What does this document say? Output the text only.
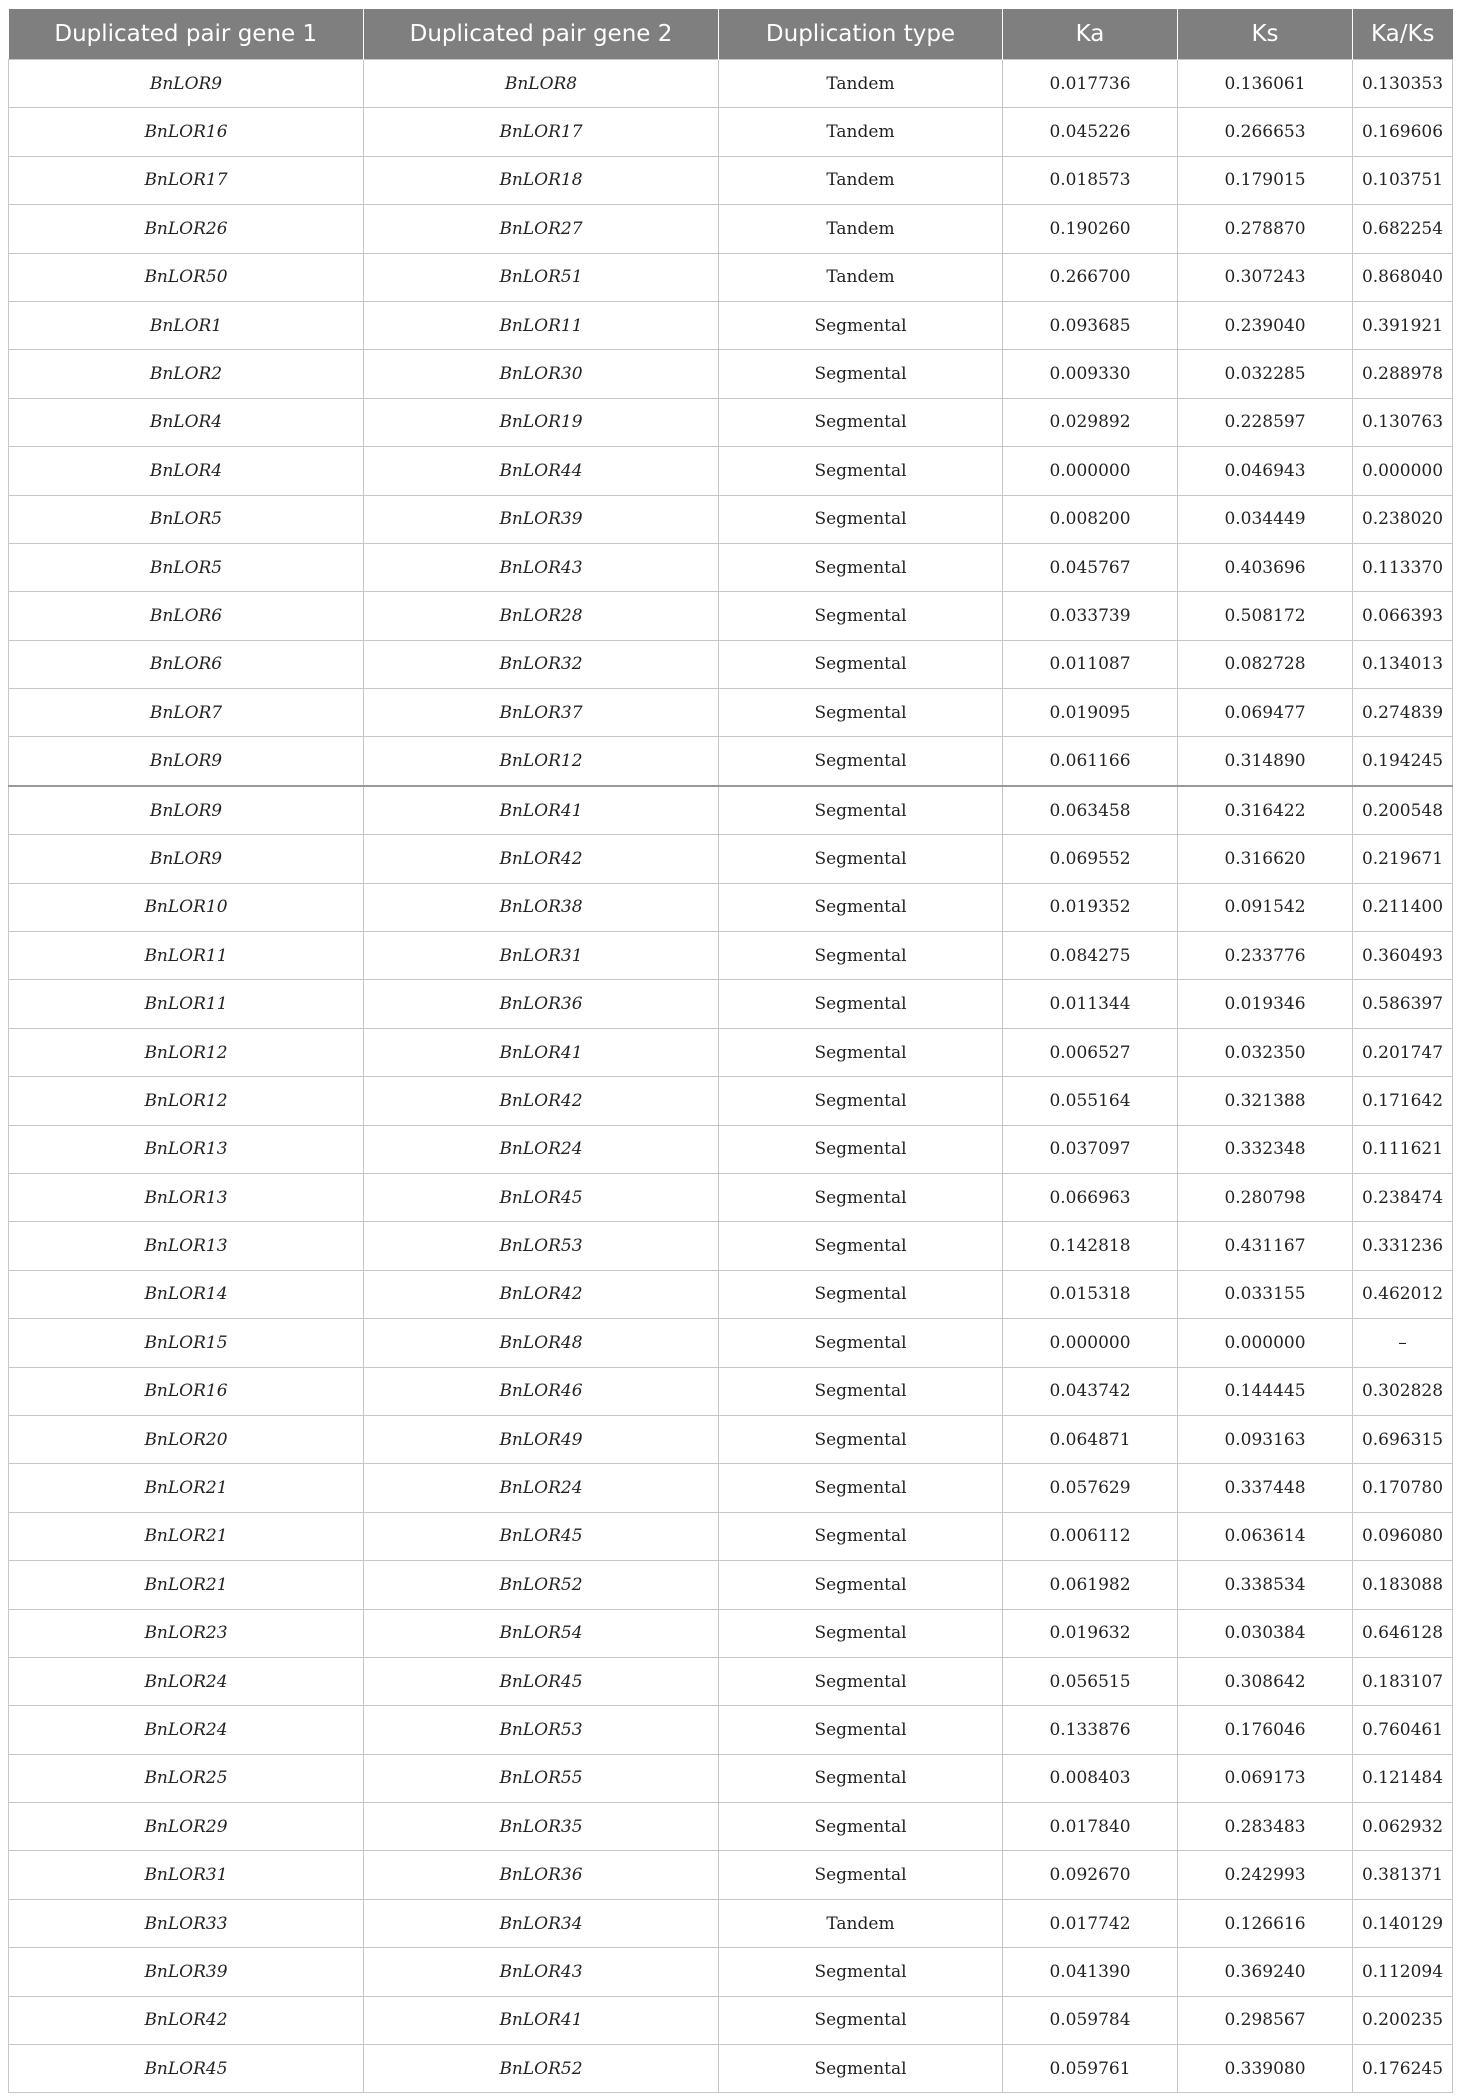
Duplicated pair gene 1	Duplicated pair gene 2	Duplication type	Ka	Ks	Ka/Ks
BnLOR9	BnLOR8	Tandem	0.017736	0.136061	0.130353
BnLOR16	BnLOR17	Tandem	0.045226	0.266653	0.169606
BnLOR17	BnLOR18	Tandem	0.018573	0.179015	0.103751
BnLOR26	BnLOR27	Tandem	0.190260	0.278870	0.682254
BnLOR50	BnLOR51	Tandem	0.266700	0.307243	0.868040
BnLOR1	BnLOR11	Segmental	0.093685	0.239040	0.391921
BnLOR2	BnLOR30	Segmental	0.009330	0.032285	0.288978
BnLOR4	BnLOR19	Segmental	0.029892	0.228597	0.130763
BnLOR4	BnLOR44	Segmental	0.000000	0.046943	0.000000
BnLOR5	BnLOR39	Segmental	0.008200	0.034449	0.238020
BnLOR5	BnLOR43	Segmental	0.045767	0.403696	0.113370
BnLOR6	BnLOR28	Segmental	0.033739	0.508172	0.066393
BnLOR6	BnLOR32	Segmental	0.011087	0.082728	0.134013
BnLOR7	BnLOR37	Segmental	0.019095	0.069477	0.274839
BnLOR9	BnLOR12	Segmental	0.061166	0.314890	0.194245
BnLOR9	BnLOR41	Segmental	0.063458	0.316422	0.200548
BnLOR9	BnLOR42	Segmental	0.069552	0.316620	0.219671
BnLOR10	BnLOR38	Segmental	0.019352	0.091542	0.211400
BnLOR11	BnLOR31	Segmental	0.084275	0.233776	0.360493
BnLOR11	BnLOR36	Segmental	0.011344	0.019346	0.586397
BnLOR12	BnLOR41	Segmental	0.006527	0.032350	0.201747
BnLOR12	BnLOR42	Segmental	0.055164	0.321388	0.171642
BnLOR13	BnLOR24	Segmental	0.037097	0.332348	0.111621
BnLOR13	BnLOR45	Segmental	0.066963	0.280798	0.238474
BnLOR13	BnLOR53	Segmental	0.142818	0.431167	0.331236
BnLOR14	BnLOR42	Segmental	0.015318	0.033155	0.462012
BnLOR15	BnLOR48	Segmental	0.000000	0.000000	–
BnLOR16	BnLOR46	Segmental	0.043742	0.144445	0.302828
BnLOR20	BnLOR49	Segmental	0.064871	0.093163	0.696315
BnLOR21	BnLOR24	Segmental	0.057629	0.337448	0.170780
BnLOR21	BnLOR45	Segmental	0.006112	0.063614	0.096080
BnLOR21	BnLOR52	Segmental	0.061982	0.338534	0.183088
BnLOR23	BnLOR54	Segmental	0.019632	0.030384	0.646128
BnLOR24	BnLOR45	Segmental	0.056515	0.308642	0.183107
BnLOR24	BnLOR53	Segmental	0.133876	0.176046	0.760461
BnLOR25	BnLOR55	Segmental	0.008403	0.069173	0.121484
BnLOR29	BnLOR35	Segmental	0.017840	0.283483	0.062932
BnLOR31	BnLOR36	Segmental	0.092670	0.242993	0.381371
BnLOR33	BnLOR34	Tandem	0.017742	0.126616	0.140129
BnLOR39	BnLOR43	Segmental	0.041390	0.369240	0.112094
BnLOR42	BnLOR41	Segmental	0.059784	0.298567	0.200235
BnLOR45	BnLOR52	Segmental	0.059761	0.339080	0.176245
